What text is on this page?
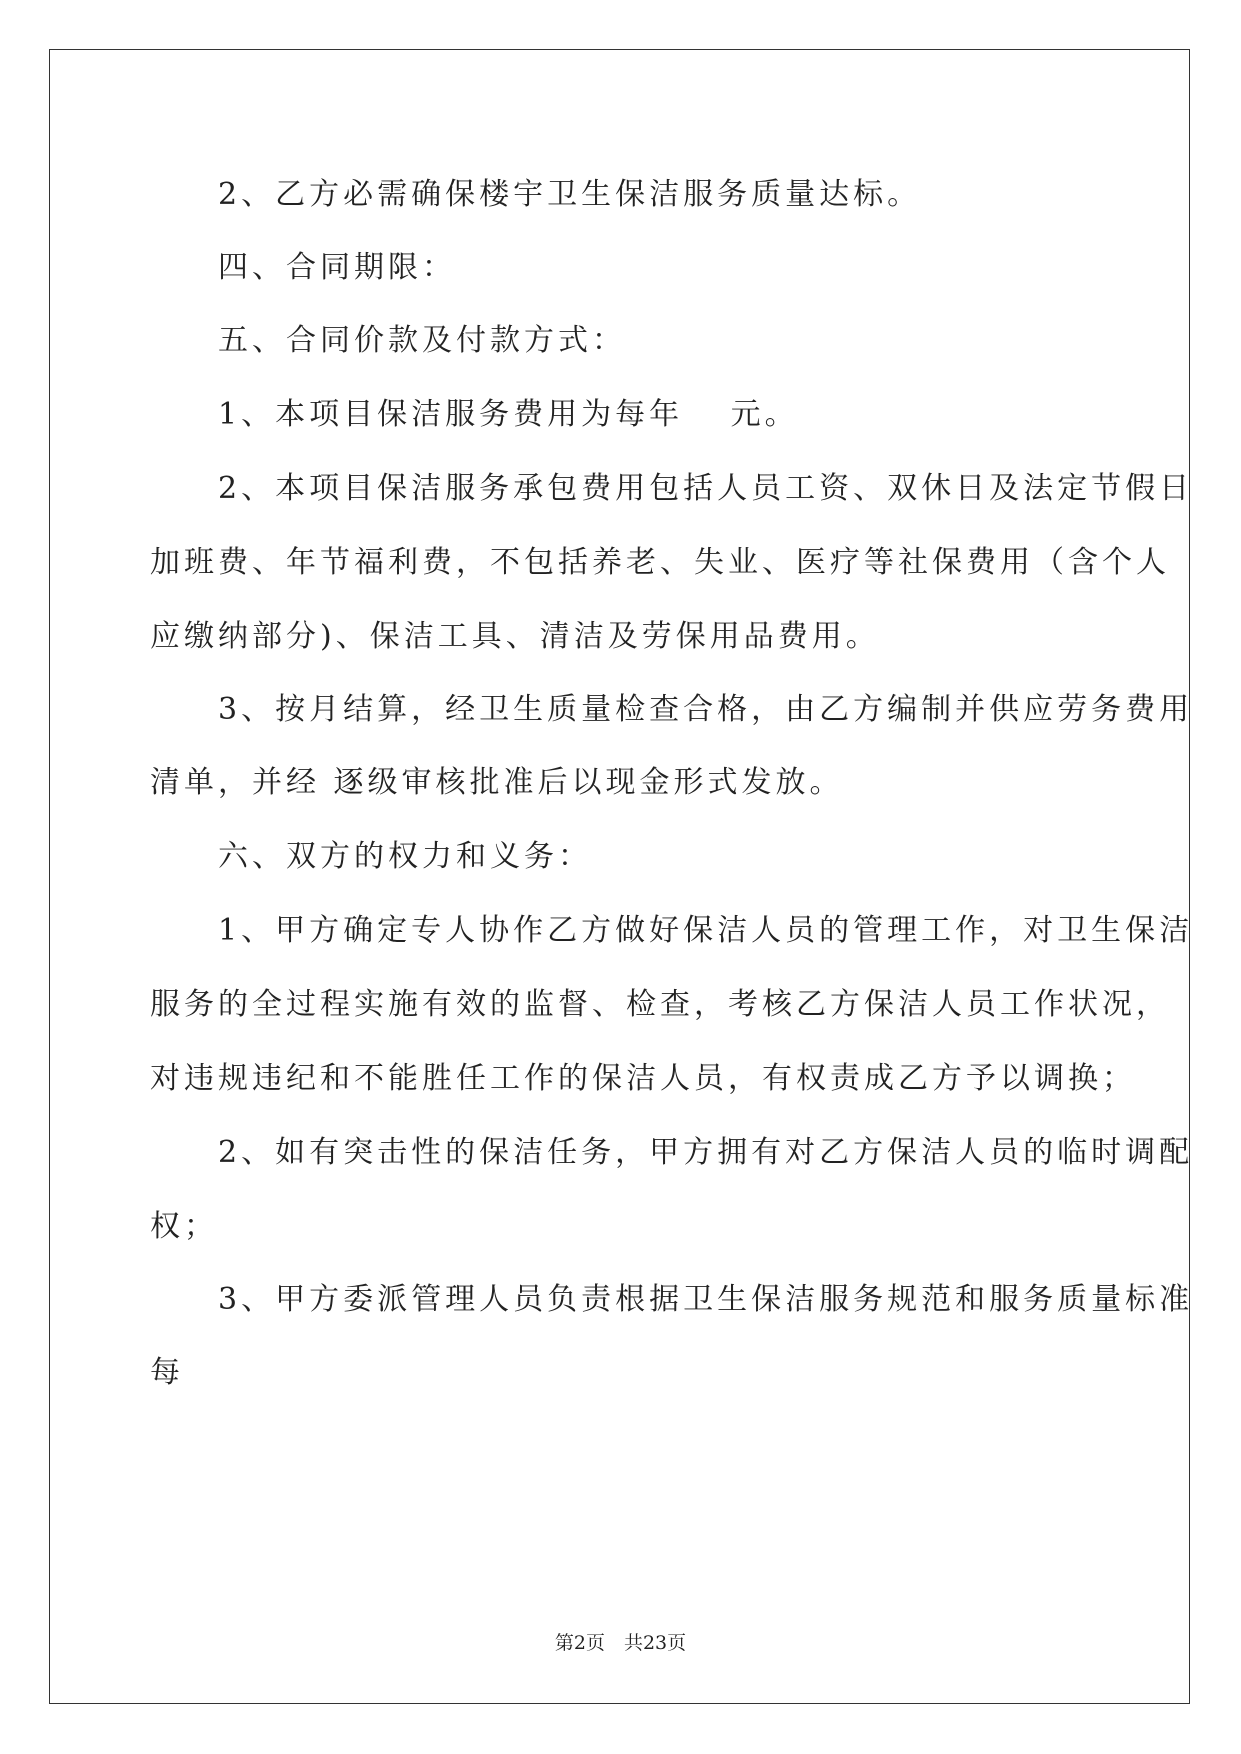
　　2、乙方必需确保楼宇卫生保洁服务质量达标。

　　四、合同期限：

　　五、合同价款及付款方式：

　　1、本项目保洁服务费用为每年　 元。

　　2、本项目保洁服务承包费用包括人员工资、双休日及法定节假日

加班费、年节福利费，不包括养老、失业、医疗等社保费用（含个人

应缴纳部分)、保洁工具、清洁及劳保用品费用。

　　3、按月结算，经卫生质量检查合格，由乙方编制并供应劳务费用

清单，并经 逐级审核批准后以现金形式发放。

　　六、双方的权力和义务：

　　1、甲方确定专人协作乙方做好保洁人员的管理工作，对卫生保洁

服务的全过程实施有效的监督、检查，考核乙方保洁人员工作状况，

对违规违纪和不能胜任工作的保洁人员，有权责成乙方予以调换；

　　2、如有突击性的保洁任务，甲方拥有对乙方保洁人员的临时调配

权；

　　3、甲方委派管理人员负责根据卫生保洁服务规范和服务质量标准

每

第2页　共23页
